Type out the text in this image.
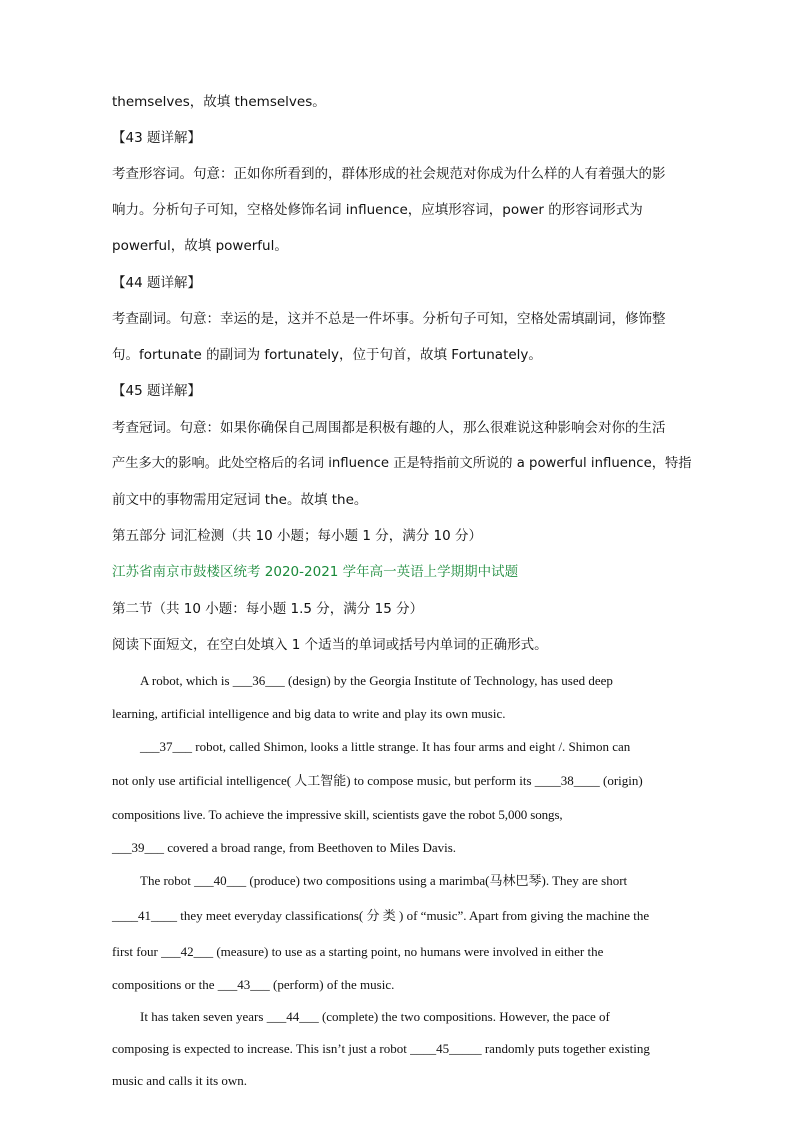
themselves，故填 themselves。

【43 题详解】

考查形容词。句意：正如你所看到的，群体形成的社会规范对你成为什么样的人有着强大的影

响力。分析句子可知，空格处修饰名词 influence，应填形容词，power 的形容词形式为

powerful，故填 powerful。

【44 题详解】

考查副词。句意：幸运的是，这并不总是一件坏事。分析句子可知，空格处需填副词，修饰整

句。fortunate 的副词为 fortunately，位于句首，故填 Fortunately。

【45 题详解】

考查冠词。句意：如果你确保自己周围都是积极有趣的人，那么很难说这种影响会对你的生活

产生多大的影响。此处空格后的名词 influence 正是特指前文所说的 a powerful influence，特指

前文中的事物需用定冠词 the。故填 the。

第五部分 词汇检测（共 10 小题；每小题 1 分，满分 10 分）

江苏省南京市鼓楼区统考 2020-2021 学年高一英语上学期期中试题

第二节（共 10 小题：每小题 1.5 分，满分 15 分）

阅读下面短文，在空白处填入 1 个适当的单词或括号内单词的正确形式。

A robot, which is ___36___ (design) by the Georgia Institute of Technology, has used deep

learning, artificial intelligence and big data to write and play its own music.

___37___ robot, called Shimon, looks a little strange. It has four arms and eight /. Shimon can

not only use artificial intelligence( 人工智能) to compose music, but perform its ____38____ (origin)

compositions live. To achieve the impressive skill, scientists gave the robot 5,000 songs,

___39___ covered a broad range, from Beethoven to Miles Davis.

The robot ___40___ (produce) two compositions using a marimba(马林巴琴). They are short

____41____ they meet everyday classifications( 分 类 ) of “music”. Apart from giving the machine the

first four ___42___ (measure) to use as a starting point, no humans were involved in either the

compositions or the ___43___ (perform) of the music.

It has taken seven years ___44___ (complete) the two compositions. However, the pace of

composing is expected to increase. This isn’t just a robot ____45_____ randomly puts together existing

music and calls it its own.
